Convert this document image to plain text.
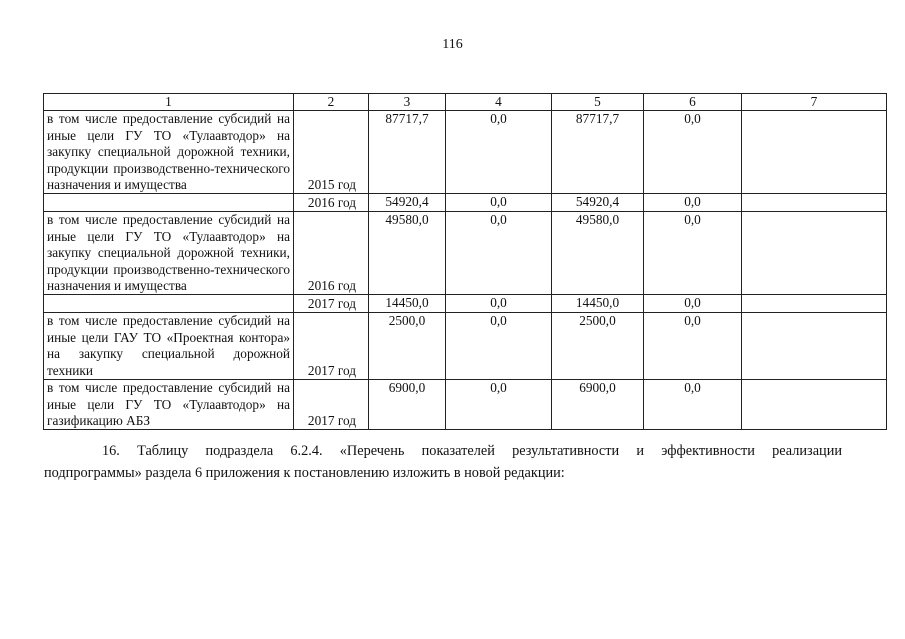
116
1	2	3	4	5	6	7
в том числе предоставление субсидий на иные цели ГУ ТО «Тулаавтодор» на закупку специальной дорожной техники, продукции производственно-технического назначения и имущества	2015 год	87717,7	0,0	87717,7	0,0	
	2016 год	54920,4	0,0	54920,4	0,0	
в том числе предоставление субсидий на иные цели ГУ ТО «Тулаавтодор» на закупку специальной дорожной техники, продукции производственно-технического назначения и имущества	2016 год	49580,0	0,0	49580,0	0,0	
	2017 год	14450,0	0,0	14450,0	0,0	
в том числе предоставление субсидий на иные цели ГАУ ТО «Проектная контора» на закупку специальной дорожной техники	2017 год	2500,0	0,0	2500,0	0,0	
в том числе предоставление субсидий на иные цели ГУ ТО «Тулаавтодор» на газификацию АБЗ	2017 год	6900,0	0,0	6900,0	0,0	
16. Таблицу подраздела 6.2.4. «Перечень показателей результативности и эффективности реализации
подпрограммы» раздела 6 приложения к постановлению изложить в новой редакции:
